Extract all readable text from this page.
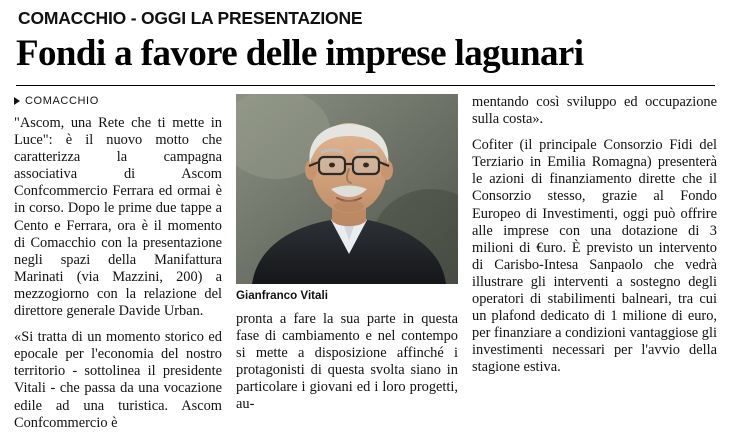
COMACCHIO - OGGI LA PRESENTAZIONE
Fondi a favore delle imprese lagunari
COMACCHIO

"Ascom, una Rete che ti mette in Luce": è il nuovo motto che caratterizza la campagna associativa di Ascom Confcommercio Ferrara ed ormai è in corso. Dopo le prime due tappe a Cento e Ferrara, ora è il momento di Comacchio con la presentazione negli spazi della Manifattura Marinati (via Mazzini, 200) a mezzogiorno con la relazione del direttore generale Davide Urban.

«Si tratta di un momento storico ed epocale per l'economia del nostro territorio - sottolinea il presidente Vitali - che passa da una vocazione edile ad una turistica. Ascom Confcommercio è

Gianfranco Vitali

pronta a fare la sua parte in questa fase di cambiamento e nel contempo si mette a disposizione affinché i protagonisti di questa svolta siano in particolare i giovani ed i loro progetti, au-

mentando così sviluppo ed occupazione sulla costa».

Cofiter (il principale Consorzio Fidi del Terziario in Emilia Romagna) presenterà le azioni di finanziamento dirette che il Consorzio stesso, grazie al Fondo Europeo di Investimenti, oggi può offrire alle imprese con una dotazione di 3 milioni di €uro. È previsto un intervento di Carisbo-Intesa Sanpaolo che vedrà illustrare gli interventi a sostegno degli operatori di stabilimenti balneari, tra cui un plafond dedicato di 1 milione di euro, per finanziare a condizioni vantaggiose gli investimenti necessari per l'avvio della stagione estiva.
